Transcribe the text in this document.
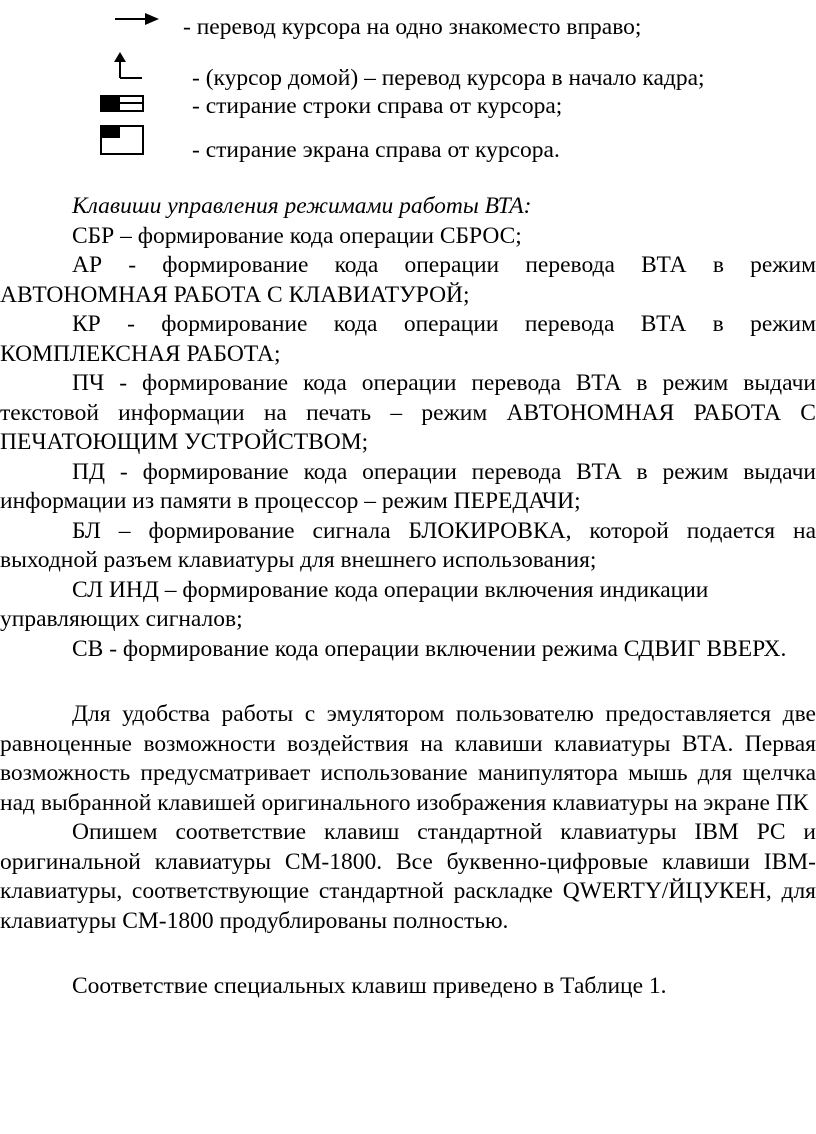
- перевод курсора на одно знакоместо вправо;
- (курсор домой) – перевод курсора в начало кадра;
- стирание строки справа от курсора;
- стирание экрана справа от курсора.

Клавиши управления режимами работы ВТА:

СБР – формирование кода операции СБРОС;

АР - формирование кода операции перевода ВТА в режим АВТОНОМНАЯ РАБОТА С КЛАВИАТУРОЙ;

КР - формирование кода операции перевода ВТА в режим КОМПЛЕКСНАЯ РАБОТА;

ПЧ - формирование кода операции перевода ВТА в режим выдачи текстовой информации на печать – режим АВТОНОМНАЯ РАБОТА С ПЕЧАТОЮЩИМ УСТРОЙСТВОМ;

ПД - формирование кода операции перевода ВТА в режим выдачи информации из памяти в процессор – режим ПЕРЕДАЧИ;

БЛ – формирование сигнала БЛОКИРОВКА, которой подается на выходной разъем клавиатуры для внешнего использования;

СЛ ИНД – формирование кода операции включения индикации управляющих сигналов;

СВ - формирование кода операции включении режима СДВИГ ВВЕРХ.

Для удобства работы с эмулятором пользователю предоставляется две равноценные возможности воздействия на клавиши клавиатуры ВТА. Первая возможность предусматривает использование манипулятора мышь для щелчка над выбранной клавишей оригинального изображения клавиатуры на экране ПК

Опишем соответствие клавиш стандартной клавиатуры IBM PC и оригинальной клавиатуры СМ-1800. Все буквенно-цифровые клавиши IBM-клавиатуры, соответствующие стандартной раскладке QWERTY/ЙЦУКЕН, для клавиатуры СМ-1800 продублированы полностью.

Соответствие специальных клавиш приведено в Таблице 1.
